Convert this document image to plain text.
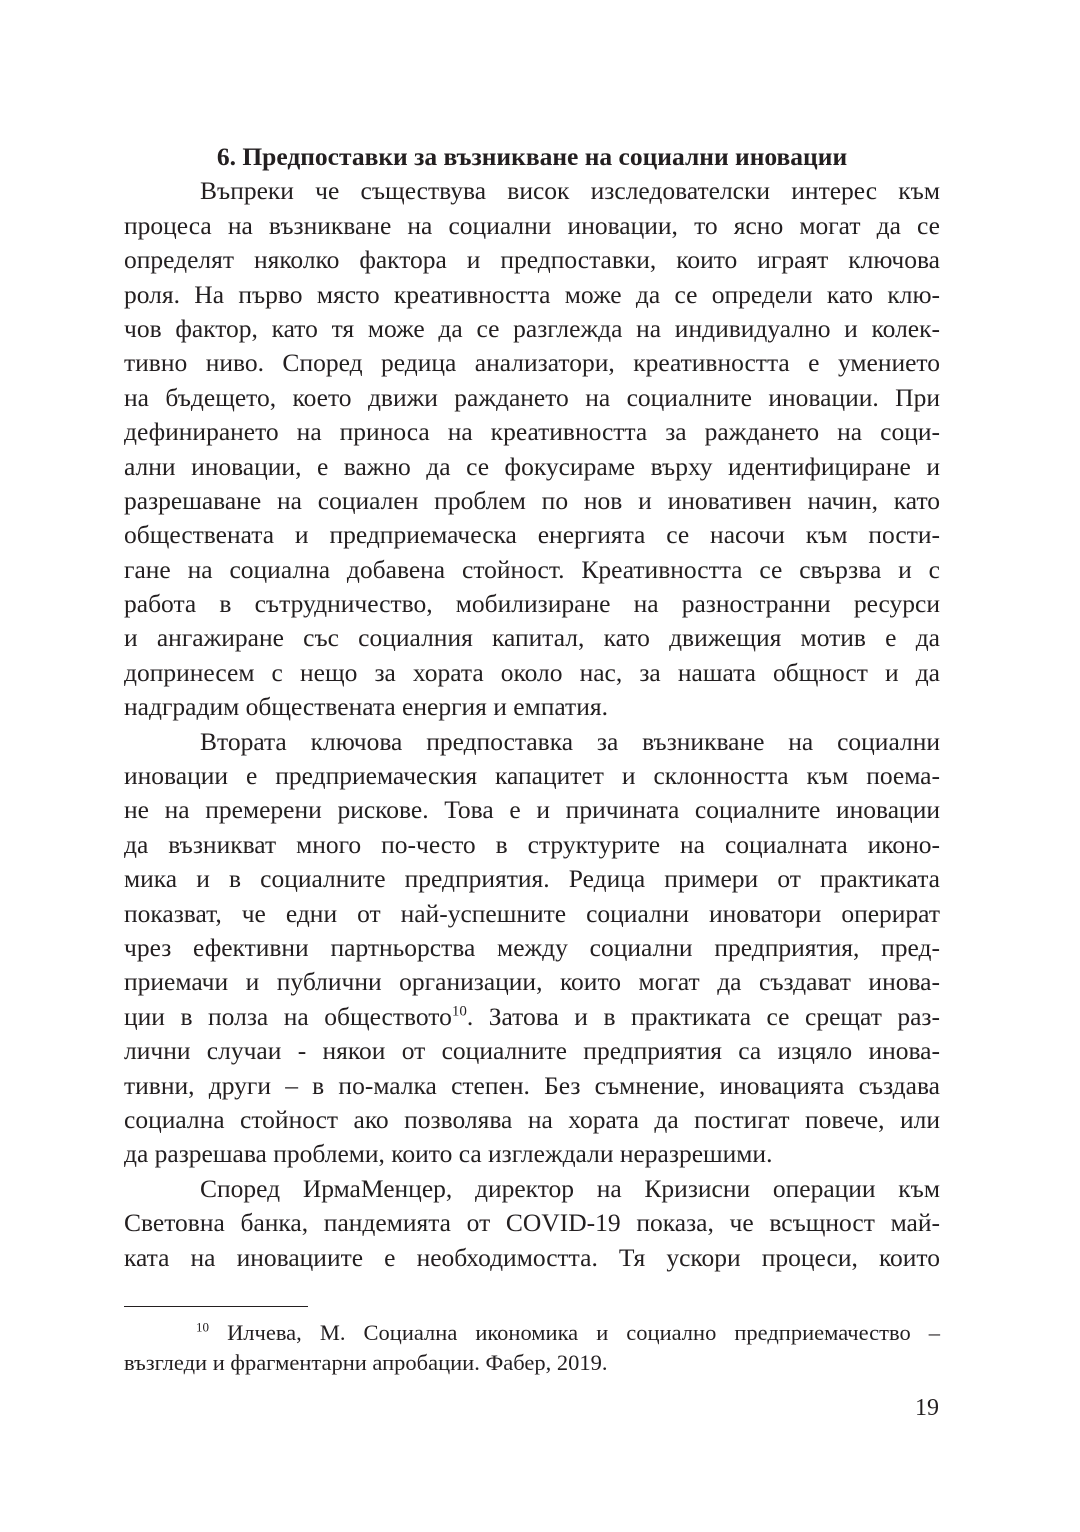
6. Предпоставки за възникване на социални иновации
Въпреки че съществува висок изследователски интерес към
процеса на възникване на социални иновации, то ясно могат да се
определят няколко фактора и предпоставки, които играят ключова
роля. На първо място креативността може да се определи като клю-
чов фактор, като тя може да се разглежда на индивидуално и колек-
тивно ниво. Според редица анализатори, креативността е умението
на бъдещето, което движи раждането на социалните иновации. При
дефинирането на приноса на креативността за раждането на соци-
ални иновации, е важно да се фокусираме върху идентифициране и
разрешаване на социален проблем по нов и иновативен начин, като
обществената и предприемаческа енергията се насочи към пости-
гане на социална добавена стойност. Креативността се свързва и с
работа в сътрудничество, мобилизиране на разностранни ресурси
и ангажиране със социалния капитал, като движещия мотив е да
допринесем с нещо за хората около нас, за нашата общност и да
надградим обществената енергия и емпатия.
Втората ключова предпоставка за възникване на социални
иновации е предприемаческия капацитет и склонността към поема-
не на премерени рискове. Това е и причината социалните иновации
да възникват много по-често в структурите на социалната иконо-
мика и в социалните предприятия. Редица примери от практиката
показват, че едни от най-успешните социални иноватори оперират
чрез ефективни партньорства между социални предприятия, пред-
приемачи и публични организации, които могат да създават инова-
ции в полза на обществото$^{10}$. Затова и в практиката се срещат раз-
лични случаи - някои от социалните предприятия са изцяло инова-
тивни, други – в по-малка степен. Без съмнение, иновацията създава
социална стойност ако позволява на хората да постигат повече, или
да разрешава проблеми, които са изглеждали неразрешими.
Според ИрмаМенцер, директор на Кризисни операции към
Световна банка, пандемията от COVID-19 показа, че всъщност май-
ката на иновациите е необходимостта. Тя ускори процеси, които
$^{10}$ Илчева, М. Социална икономика и социално предприемачество –
възгледи и фрагментарни апробации. Фабер, 2019.
19
